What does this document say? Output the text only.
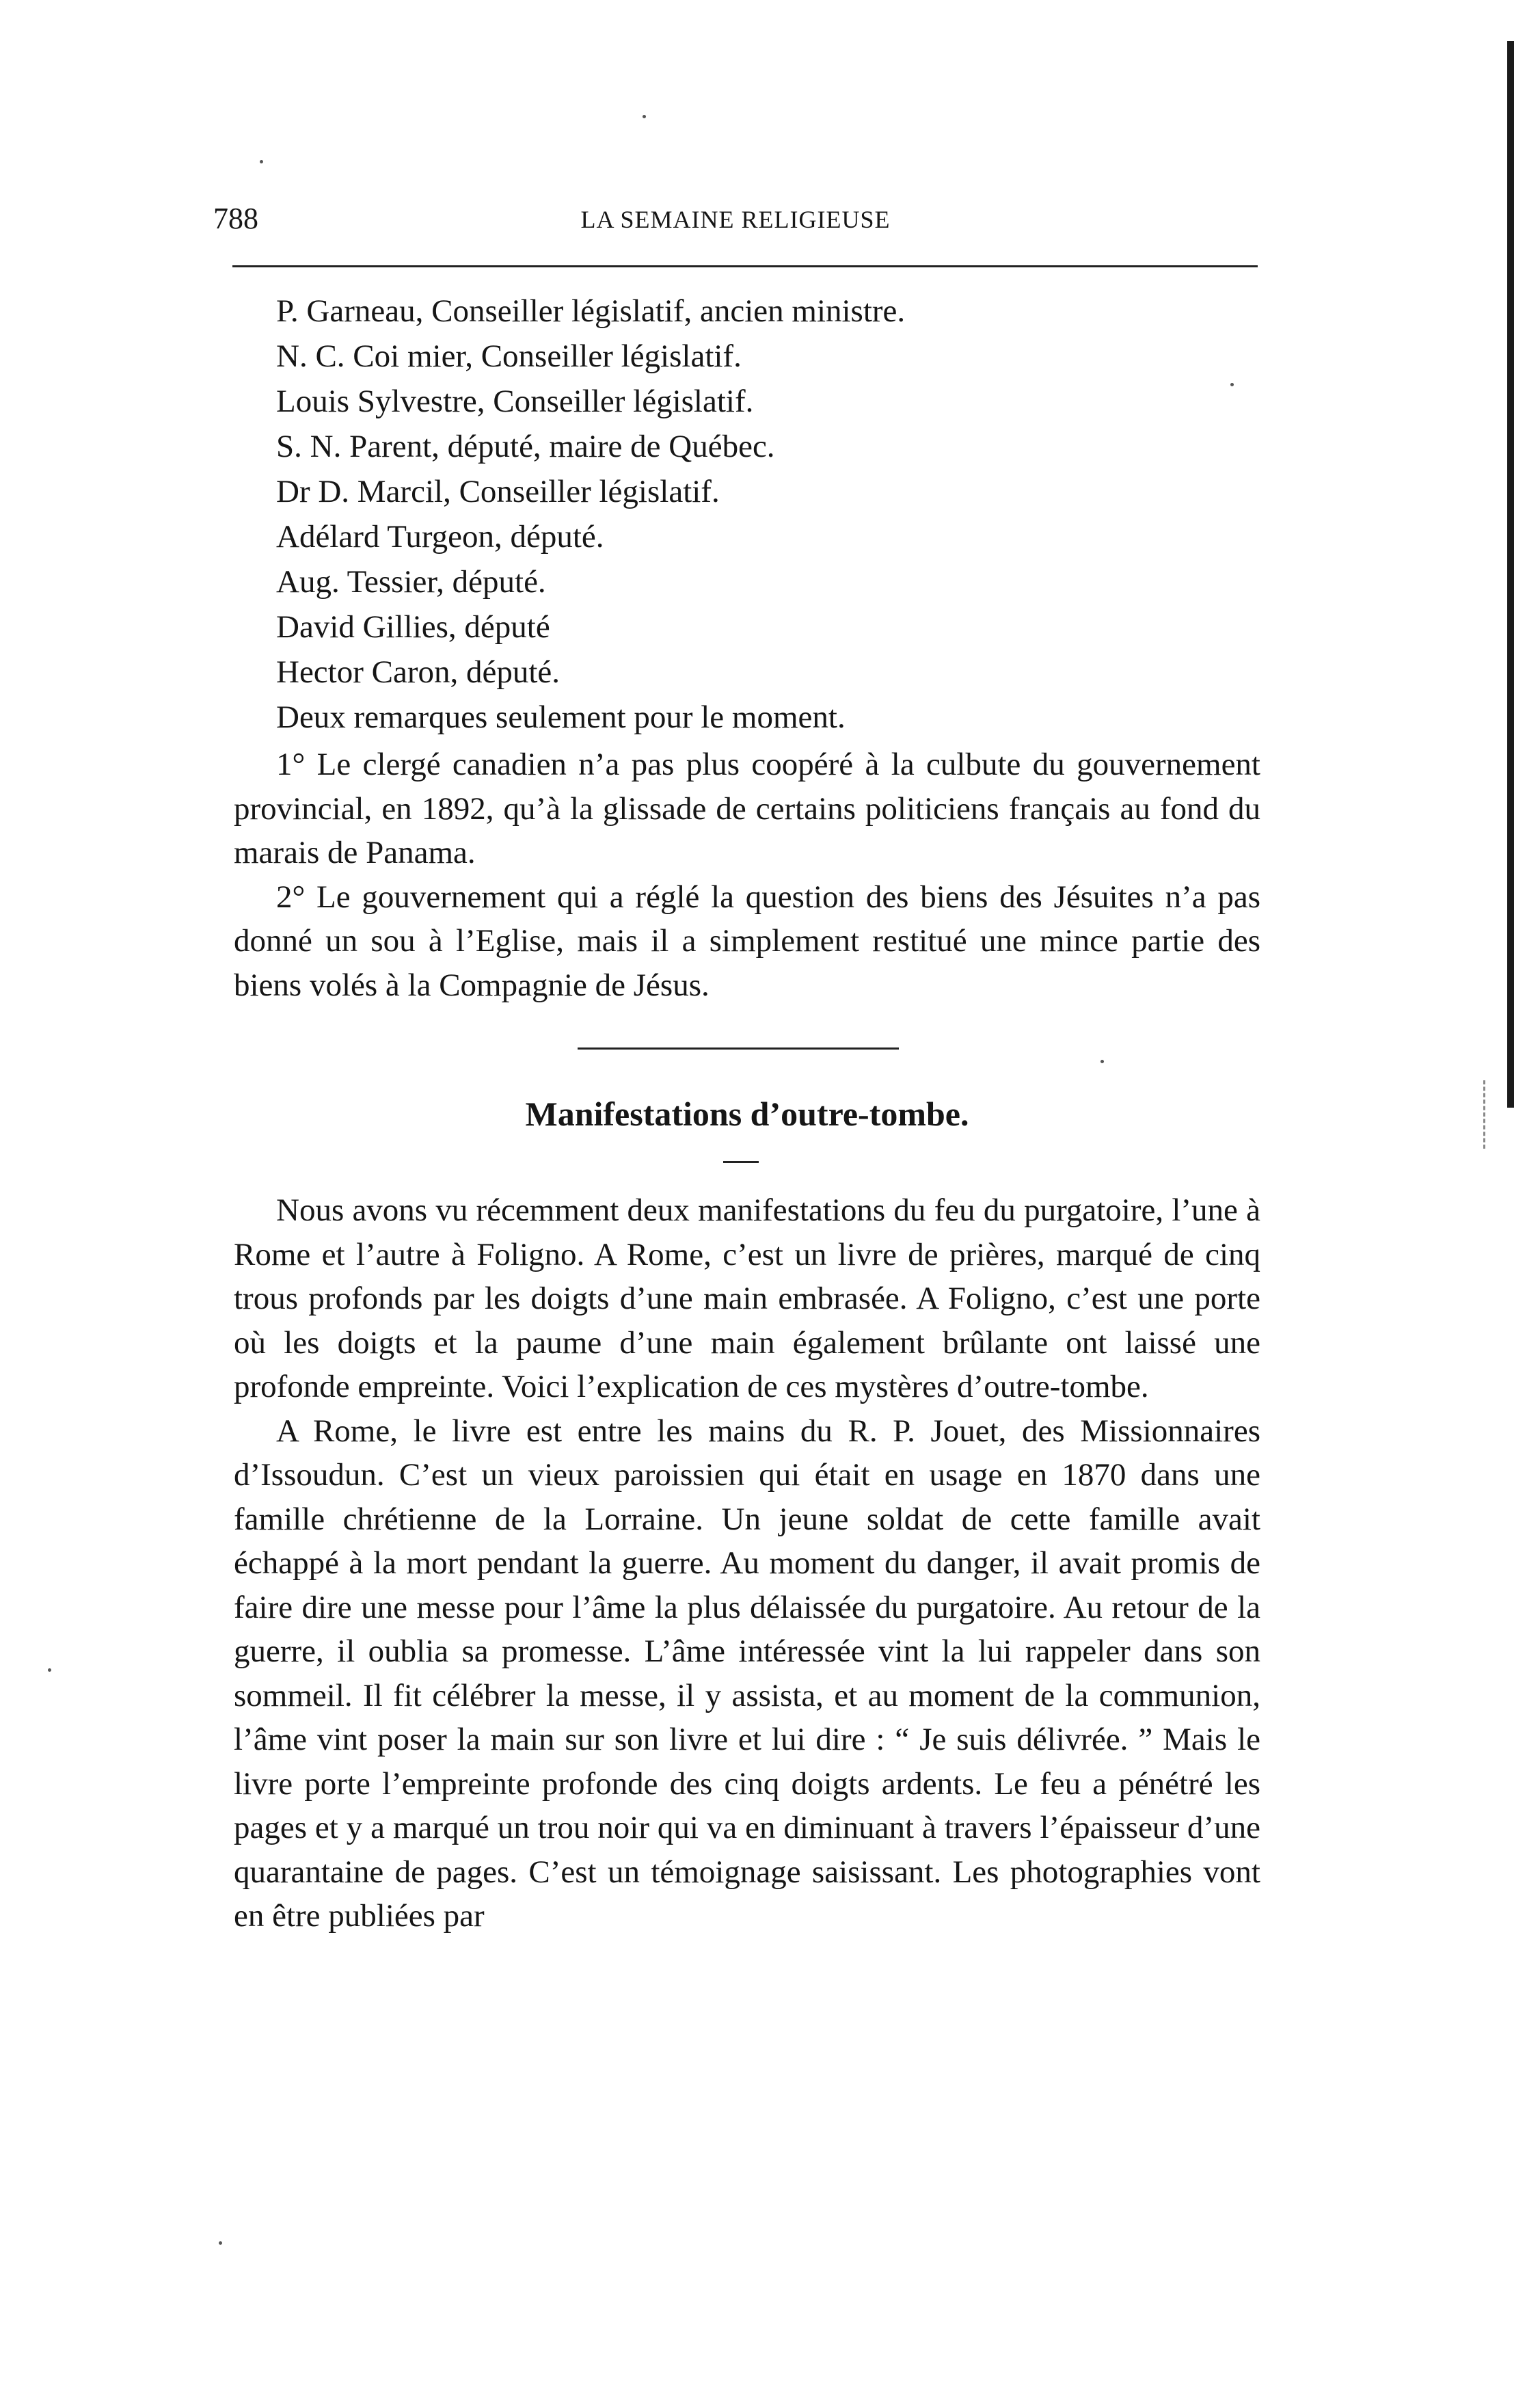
788	LA SEMAINE RELIGIEUSE
P. Garneau, Conseiller législatif, ancien ministre.
N. C. Coi mier, Conseiller législatif.
Louis Sylvestre, Conseiller législatif.
S. N. Parent, député, maire de Québec.
Dr D. Marcil, Conseiller législatif.
Adélard Turgeon, député.
Aug. Tessier, député.
David Gillies, député
Hector Caron, député.
Deux remarques seulement pour le moment.

1° Le clergé canadien n’a pas plus coopéré à la culbute du gouvernement provincial, en 1892, qu’à la glissade de certains politiciens français au fond du marais de Panama.

2° Le gouvernement qui a réglé la question des biens des Jésuites n’a pas donné un sou à l’Eglise, mais il a simplement restitué une mince partie des biens volés à la Compagnie de Jésus.

Manifestations d’outre-tombe.

Nous avons vu récemment deux manifestations du feu du purgatoire, l’une à Rome et l’autre à Foligno. A Rome, c’est un livre de prières, marqué de cinq trous profonds par les doigts d’une main embrasée. A Foligno, c’est une porte où les doigts et la paume d’une main également brûlante ont laissé une profonde empreinte. Voici l’explication de ces mystères d’outre-tombe.

A Rome, le livre est entre les mains du R. P. Jouet, des Missionnaires d’Issoudun. C’est un vieux paroissien qui était en usage en 1870 dans une famille chrétienne de la Lorraine. Un jeune soldat de cette famille avait échappé à la mort pendant la guerre. Au moment du danger, il avait promis de faire dire une messe pour l’âme la plus délaissée du purgatoire. Au retour de la guerre, il oublia sa promesse. L’âme intéressée vint la lui rappeler dans son sommeil. Il fit célébrer la messe, il y assista, et au moment de la communion, l’âme vint poser la main sur son livre et lui dire : “ Je suis délivrée. ” Mais le livre porte l’empreinte profonde des cinq doigts ardents. Le feu a pénétré les pages et y a marqué un trou noir qui va en diminuant à travers l’épaisseur d’une quarantaine de pages. C’est un témoignage saisissant. Les photographies vont en être publiées par
